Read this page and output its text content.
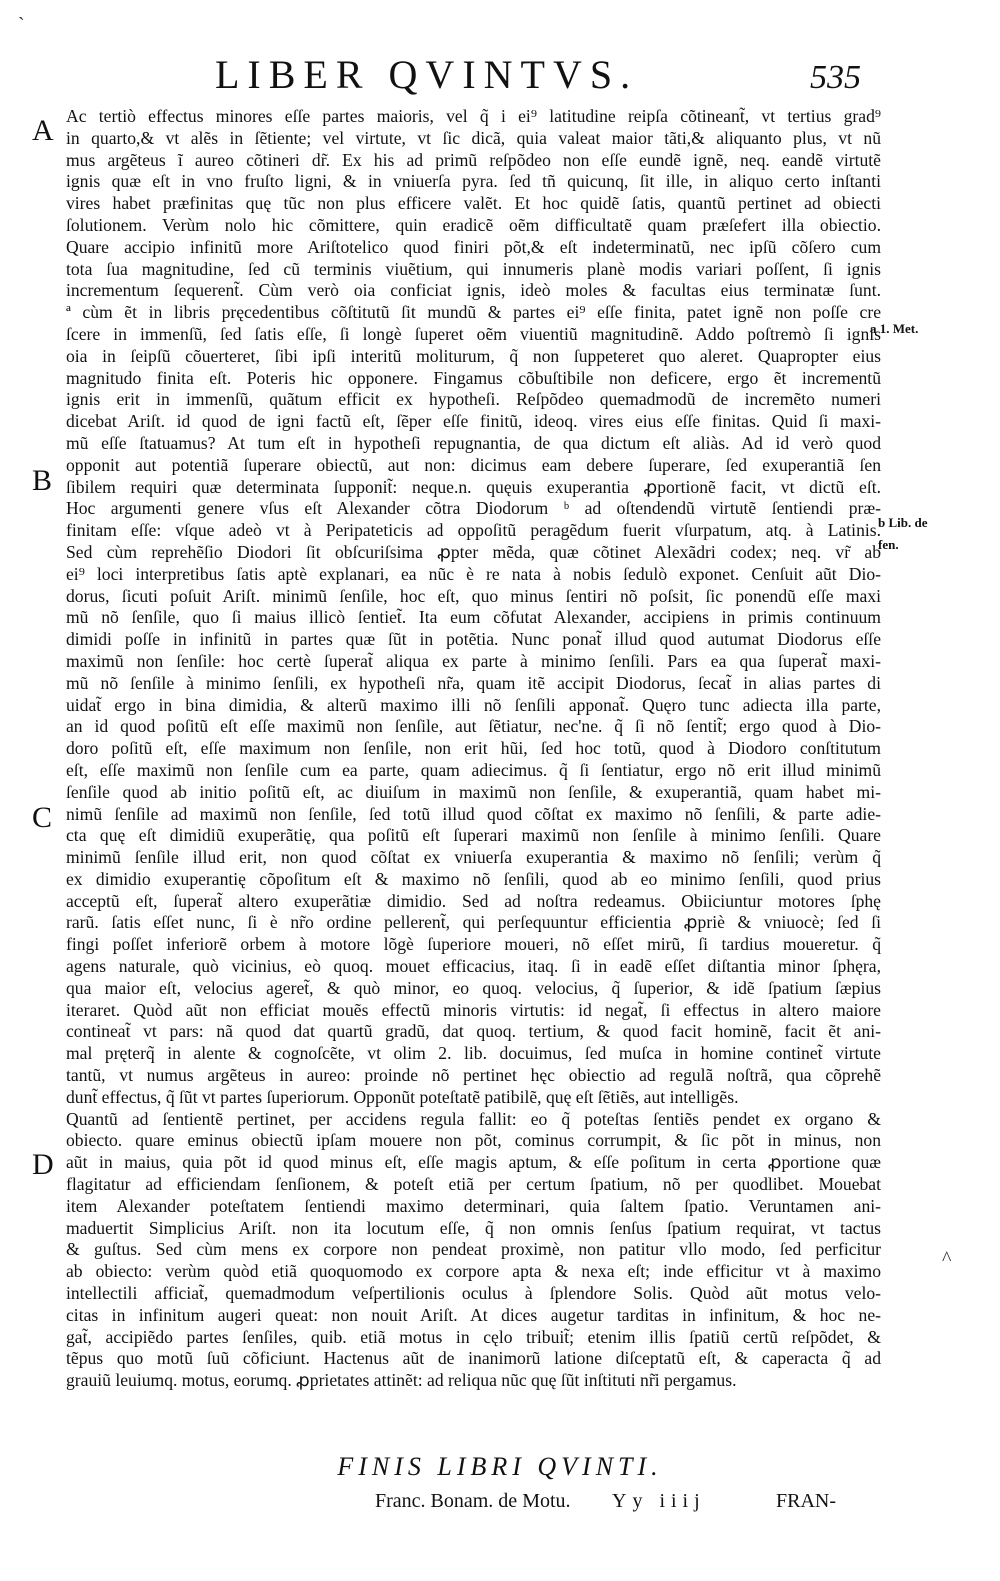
LIBER QVINTVS.	535
`
^
A
B
C
D
a 1. Met.
b Lib. de
fen.
Ac tertiò effectus minores eſſe partes maioris, vel q̃ i ei⁹ latitudine reipſa cõtineant̃, vt tertius grad⁹
in quarto,& vt alẽs in ſẽtiente; vel virtute, vt ſic dicã, quia valeat maior tãti,& aliquanto plus, vt nũ
mus argẽteus ĩ aureo cõtineri dr̃. Ex his ad primũ reſpõdeo non eſſe eundẽ ignẽ, neq. eandẽ virtutẽ
ignis quæ eſt in vno fruſto ligni, & in vniuerſa pyra. ſed tñ quicunq, ſit ille, in aliquo certo inſtanti
vires habet præfinitas quę tũc non plus efficere valẽt. Et hoc quidẽ ſatis, quantũ pertinet ad obiecti
ſolutionem. Verùm nolo hic cõmittere, quin eradicẽ oẽm difficultatẽ quam præſefert illa obiectio.
Quare accipio infinitũ more Ariſtotelico quod finiri põt,& eſt indeterminatũ, nec ipſũ cõſero cum
tota ſua magnitudine, ſed cũ terminis viuẽtium, qui innumeris planè modis variari poſſent, ſi ignis
incrementum ſequerent̃. Cùm verò oia conficiat ignis, ideò moles & facultas eius terminatæ ſunt.
ª cùm ẽt in libris pręcedentibus cõſtitutũ ſit mundũ & partes ei⁹ eſſe finita, patet ignẽ non poſſe cre
ſcere in immenſũ, ſed ſatis eſſe, ſi longè ſuperet oẽm viuentiũ magnitudinẽ. Addo poſtremò ſi ignis
oia in ſeipſũ cõuerteret, ſibi ipſi interitũ moliturum, q̃ non ſuppeteret quo aleret. Quapropter eius
magnitudo finita eſt. Poteris hic opponere. Fingamus cõbuſtibile non deficere, ergo ẽt incrementũ
ignis erit in immenſũ, quãtum efficit ex hypotheſi. Reſpõdeo quemadmodũ de incremẽto numeri
dicebat Ariſt. id quod de igni factũ eſt, ſẽper eſſe finitũ, ideoq. vires eius eſſe finitas. Quid ſi maxi-
mũ eſſe ſtatuamus? At tum eſt in hypotheſi repugnantia, de qua dictum eſt aliàs. Ad id verò quod
opponit aut potentiã ſuperare obiectũ, aut non: dicimus eam debere ſuperare, ſed exuperantiã ſen
ſibilem requiri quæ determinata ſupponit̃: neque.n. quęuis exuperantia ꝓportionẽ facit, vt dictũ eſt.
Hoc argumenti genere vſus eſt Alexander cõtra Diodorum ᵇ ad oſtendendũ virtutẽ ſentiendi præ-
finitam eſſe: vſque adeò vt à Peripateticis ad oppoſitũ peragẽdum fuerit vſurpatum, atq. à Latinis.
Sed cùm reprehẽſio Diodori ſit obſcuriſsima ꝓpter mẽda, quæ cõtinet Alexãdri codex; neq. vr̃ ab
ei⁹ loci interpretibus ſatis aptè explanari, ea nũc è re nata à nobis ſedulò exponet. Cenſuit aũt Dio-
dorus, ſicuti poſuit Ariſt. minimũ ſenſile, hoc eſt, quo minus ſentiri nõ poſsit, ſic ponendũ eſſe maxi
mũ nõ ſenſile, quo ſi maius illicò ſentiet̃. Ita eum cõfutat Alexander, accipiens in primis continuum
dimidi poſſe in infinitũ in partes quæ ſũt in potẽtia. Nunc ponat̃ illud quod autumat Diodorus eſſe
maximũ non ſenſile: hoc certè ſuperat̃ aliqua ex parte à minimo ſenſili. Pars ea qua ſuperat̃ maxi-
mũ nõ ſenſile à minimo ſenſili, ex hypotheſi nr̃a, quam itẽ accipit Diodorus, ſecat̃ in alias partes di
uidat̃ ergo in bina dimidia, & alterũ maximo illi nõ ſenſili apponat̃. Quęro tunc adiecta illa parte,
an id quod poſitũ eſt eſſe maximũ non ſenſile, aut ſẽtiatur, nec'ne. q̃ ſi nõ ſentit̃; ergo quod à Dio-
doro poſitũ eſt, eſſe maximum non ſenſile, non erit hũi, ſed hoc totũ, quod à Diodoro conſtitutum
eſt, eſſe maximũ non ſenſile cum ea parte, quam adiecimus. q̃ ſi ſentiatur, ergo nõ erit illud minimũ
ſenſile quod ab initio poſitũ eſt, ac diuiſum in maximũ non ſenſile, & exuperantiã, quam habet mi-
nimũ ſenſile ad maximũ non ſenſile, ſed totũ illud quod cõſtat ex maximo nõ ſenſili, & parte adie-
cta quę eſt dimidiũ exuperãtię, qua poſitũ eſt ſuperari maximũ non ſenſile à minimo ſenſili. Quare
minimũ ſenſile illud erit, non quod cõſtat ex vniuerſa exuperantia & maximo nõ ſenſili; verùm q̃
ex dimidio exuperantię cõpoſitum eſt & maximo nõ ſenſili, quod ab eo minimo ſenſili, quod prius
acceptũ eſt, ſuperat̃ altero exuperãtiæ dimidio. Sed ad noſtra redeamus. Obiiciuntur motores ſphę
rarũ. ſatis eſſet nunc, ſi è nr̃o ordine pellerent̃, qui perſequuntur efficientia ꝓpriè & vniuocè; ſed ſi
fingi poſſet inferiorẽ orbem à motore lõgè ſuperiore moueri, nõ eſſet mirũ, ſi tardius moueretur. q̃
agens naturale, quò vicinius, eò quoq. mouet efficacius, itaq. ſi in eadẽ eſſet diſtantia minor ſphęra,
qua maior eſt, velocius ageret̃, & quò minor, eo quoq. velocius, q̃ ſuperior, & idẽ ſpatium ſæpius
iteraret. Quòd aũt non efficiat mouẽs effectũ minoris virtutis: id negat̃, ſi effectus in altero maiore
contineat̃ vt pars: nã quod dat quartũ gradũ, dat quoq. tertium, & quod facit hominẽ, facit ẽt ani-
mal pręterq̃ in alente & cognoſcẽte, vt olim 2. lib. docuimus, ſed muſca in homine continet̃ virtute
tantũ, vt numus argẽteus in aureo: proinde nõ pertinet hęc obiectio ad regulã noſtrã, qua cõprehẽ
dunt̃ effectus, q̃ ſũt vt partes ſuperiorum. Opponũt poteſtatẽ patibilẽ, quę eſt ſẽtiẽs, aut intelligẽs.
Quantũ ad ſentientẽ pertinet, per accidens regula fallit: eo q̃ poteſtas ſentiẽs pendet ex organo &
obiecto. quare eminus obiectũ ipſam mouere non põt, cominus corrumpit, & ſic põt in minus, non
aũt in maius, quia põt id quod minus eſt, eſſe magis aptum, & eſſe poſitum in certa ꝓportione quæ
flagitatur ad efficiendam ſenſionem, & poteſt etiã per certum ſpatium, nõ per quodlibet. Mouebat
item Alexander poteſtatem ſentiendi maximo determinari, quia ſaltem ſpatio. Veruntamen ani-
maduertit Simplicius Ariſt. non ita locutum eſſe, q̃ non omnis ſenſus ſpatium requirat, vt tactus
& guſtus. Sed cùm mens ex corpore non pendeat proximè, non patitur vllo modo, ſed perficitur
ab obiecto: verùm quòd etiã quoquomodo ex corpore apta & nexa eſt; inde efficitur vt à maximo
intellectili afficiat̃, quemadmodum veſpertilionis oculus à ſplendore Solis. Quòd aũt motus velo-
citas in infinitum augeri queat: non nouit Ariſt. At dices augetur tarditas in infinitum, & hoc ne-
gat̃, accipiẽdo partes ſenſiles, quib. etiã motus in cęlo tribuit̃; etenim illis ſpatiũ certũ reſpõdet, &
tẽpus quo motũ ſuũ cõficiunt. Hactenus aũt de inanimorũ latione diſceptatũ eſt, & caperacta q̃ ad
grauiũ leuiumq. motus, eorumq. ꝓprietates attinẽt: ad reliqua nũc quę ſũt inſtituti nr̃i pergamus.
FINIS LIBRI QVINTI.
Franc. Bonam. de Motu. Yy iiij	FRAN-
